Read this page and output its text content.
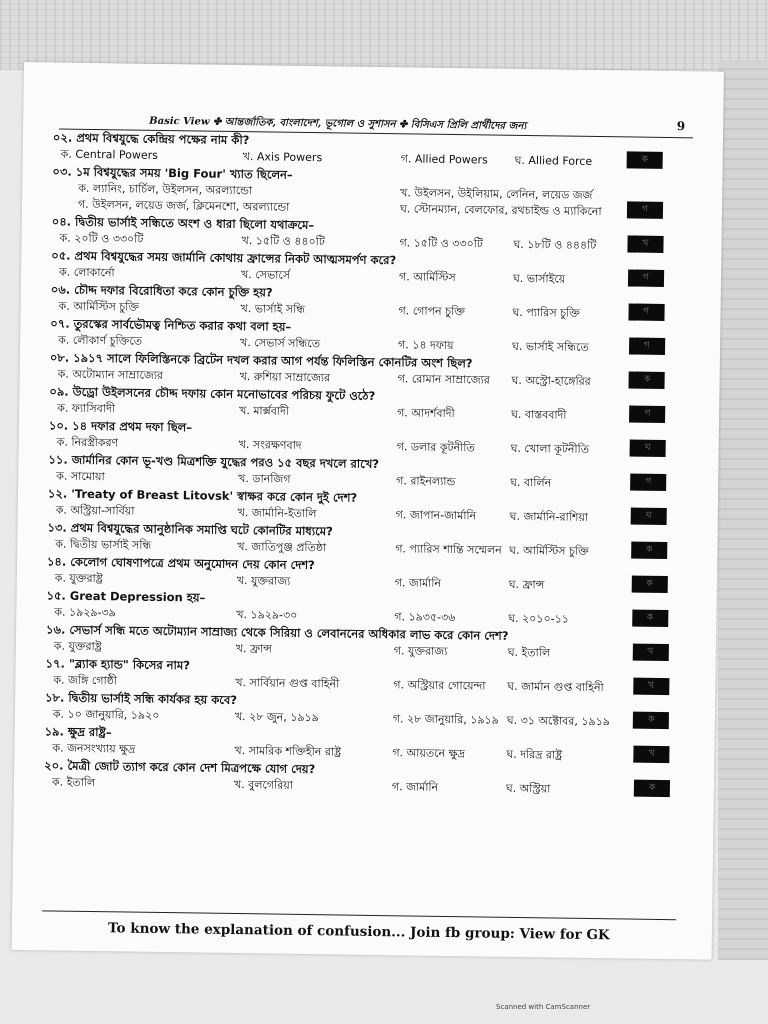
Basic View ✤ আন্তর্জাতিক, বাংলাদেশ, ভূগোল ও সুশাসন ✤ বিসিএস প্রিলি প্রার্থীদের জন্য	9
০২. প্রথম বিশ্বযুদ্ধে কেন্দ্রিয় পক্ষের নাম কী?
ক. Central Powers	খ. Axis Powers	গ. Allied Powers ঘ. Allied Force	ক
০৩. ১ম বিশ্বযুদ্ধের সময় 'Big Four' খ্যাত ছিলেন–
ক. ল্যানিং, চার্চিল, উইলসন, অরল্যান্ডো	খ. উইলসন, উইলিয়াম, লেনিন, লয়েড জর্জ
গ. উইলসন, লয়েড জর্জ, ক্লিমেনশো, অরল্যান্ডো	ঘ. স্টোনম্যান, বেলফোর, রথচাইল্ড ও ম্যাকিনো	গ
০৪. দ্বিতীয় ভার্সাই সন্ধিতে অংশ ও ধারা ছিলো যথাক্রমে–
ক. ২০টি ও ৩৩০টি	খ. ১৫টি ও ৪৪০টি	গ. ১৫টি ও ৩৩০টি	ঘ. ১৮টি ও ৪৪৪টি	খ
০৫. প্রথম বিশ্বযুদ্ধের সময় জার্মানি কোথায় ফ্রান্সের নিকট আত্মসমর্পণ করে?
ক. লোকার্নো	খ. সেভার্সে	গ. আর্মিস্টিস	ঘ. ভার্সাইয়ে	গ
০৬. চৌদ্দ দফার বিরোধিতা করে কোন চুক্তি হয়?
ক. আর্মিস্টিস চুক্তি	খ. ভার্সাই সন্ধি	গ. গোপন চুক্তি	ঘ. প্যারিস চুক্তি	গ
০৭. তুরস্কের সার্বভৌমত্ব নিশ্চিত করার কথা বলা হয়–
ক. লৌকার্ণ চুক্তিতে	খ. সেভার্স সন্ধিতে	গ. ১৪ দফায়	ঘ. ভার্সাই সন্ধিতে	গ
০৮. ১৯১৭ সালে ফিলিস্তিনকে ব্রিটেন দখল করার আগ পর্যন্ত ফিলিস্তিন কোনটির অংশ ছিল?
ক. অটোম্যান সাম্রাজ্যের	খ. রুশিয়া সাম্রাজ্যের	গ. রোমান সাম্রাজ্যের ঘ. অস্ট্রো-হাঙ্গেরির	ক
০৯. উড্রো উইলসনের চৌদ্দ দফায় কোন মনোভাবের পরিচয় ফুটে ওঠে?
ক. ফ্যাসিবাদী	খ. মার্ক্সবাদী	গ. আদর্শবাদী	ঘ. বাস্তববাদী	গ
১০. ১৪ দফার প্রথম দফা ছিল–
ক. নিরস্ত্রীকরণ	খ. সংরক্ষণবাদ	গ. ডলার কূটনীতি	ঘ. খোলা কূটনীতি	ঘ
১১. জার্মানির কোন ভূ-খণ্ড মিত্রশক্তি যুদ্ধের পরও ১৫ বছর দখলে রাখে?
ক. সামোয়া	খ. ডানজিগ	গ. রাইনল্যান্ড	ঘ. বার্লিন	গ
১২. 'Treaty of Breast Litovsk' স্বাক্ষর করে কোন দুই দেশ?
ক. অস্ট্রিয়া-সার্বিয়া	খ. জার্মানি-ইতালি	গ. জাপান-জার্মানি	ঘ. জার্মানি-রাশিয়া	ঘ
১৩. প্রথম বিশ্বযুদ্ধের আনুষ্ঠানিক সমাপ্তি ঘটে কোনটির মাধ্যমে?
ক. দ্বিতীয় ভার্সাই সন্ধি	খ. জাতিপুঞ্জ প্রতিষ্ঠা	গ. প্যারিস শান্তি সম্মেলন ঘ. আর্মিস্টিস চুক্তি	ক
১৪. কেলোগ ঘোষণাপত্রে প্রথম অনুমোদন দেয় কোন দেশ?
ক. যুক্তরাষ্ট্র	খ. যুক্তরাজ্য	গ. জার্মানি	ঘ. ফ্রান্স	ক
১৫. Great Depression হয়–
ক. ১৯২৯-৩৯	খ. ১৯২৯-৩০	গ. ১৯৩৫-৩৬	ঘ. ২০১০-১১	ক
১৬. সেভার্স সন্ধি মতে অটোম্যান সাম্রাজ্য থেকে সিরিয়া ও লেবাননের অধিকার লাভ করে কোন দেশ?
ক. যুক্তরাষ্ট্র	খ. ফ্রান্স	গ. যুক্তরাজ্য	ঘ. ইতালি	খ
১৭. "ব্ল্যাক হ্যান্ড" কিসের নাম?
ক. জঙ্গি গোষ্ঠী	খ. সার্বিয়ান গুপ্ত বাহিনী	গ. অস্ট্রিয়ার গোয়েন্দা ঘ. জার্মান গুপ্ত বাহিনী	খ
১৮. দ্বিতীয় ভার্সাই সন্ধি কার্যকর হয় কবে?
ক. ১০ জানুয়ারি, ১৯২০	খ. ২৮ জুন, ১৯১৯	গ. ২৮ জানুয়ারি, ১৯১৯ ঘ. ৩১ অক্টোবর, ১৯১৯	ক
১৯. ক্ষুদ্র রাষ্ট্র–
ক. জনসংখ্যায় ক্ষুদ্র	খ. সামরিক শক্তিহীন রাষ্ট্র	গ. আয়তনে ক্ষুদ্র	ঘ. দরিদ্র রাষ্ট্র	খ
২০. মৈত্রী জোট ত্যাগ করে কোন দেশ মিত্রপক্ষে যোগ দেয়?
ক. ইতালি	খ. বুলগেরিয়া	গ. জার্মানি	ঘ. অস্ট্রিয়া	ক
To know the explanation of confusion... Join fb group: View for GK
Scanned with CamScanner
